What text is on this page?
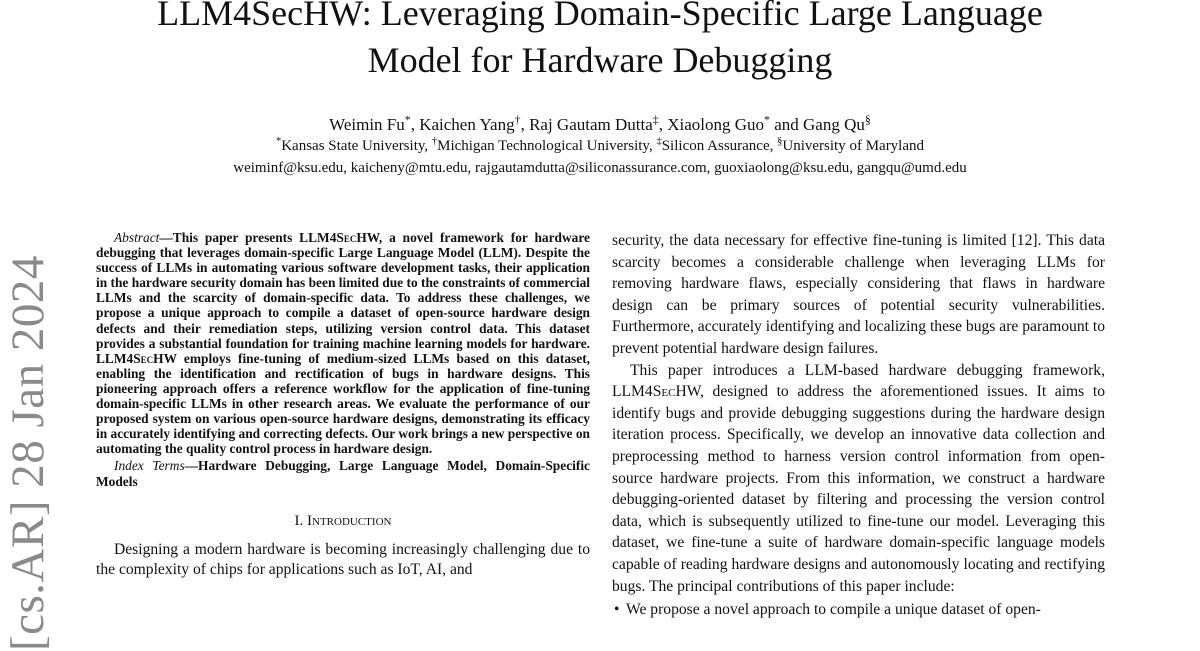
LLM4SecHW: Leveraging Domain-Specific Large Language
Model for Hardware Debugging
Weimin Fu*, Kaichen Yang†, Raj Gautam Dutta‡, Xiaolong Guo* and Gang Qu§
*Kansas State University, †Michigan Technological University, ‡Silicon Assurance, §University of Maryland
weiminf@ksu.edu, kaicheny@mtu.edu, rajgautamdutta@siliconassurance.com, guoxiaolong@ksu.edu, gangqu@umd.edu
[cs.AR] 28 Jan 2024

Abstract—This paper presents LLM4SecHW, a novel framework for hardware debugging that leverages domain-specific Large Language Model (LLM). Despite the success of LLMs in automating various software development tasks, their application in the hardware security domain has been limited due to the constraints of commercial LLMs and the scarcity of domain-specific data. To address these challenges, we propose a unique approach to compile a dataset of open-source hardware design defects and their remediation steps, utilizing version control data. This dataset provides a substantial foundation for training machine learning models for hardware. LLM4SecHW employs fine-tuning of medium-sized LLMs based on this dataset, enabling the identification and rectification of bugs in hardware designs. This pioneering approach offers a reference workflow for the application of fine-tuning domain-specific LLMs in other research areas. We evaluate the performance of our proposed system on various open-source hardware designs, demonstrating its efficacy in accurately identifying and correcting defects. Our work brings a new perspective on automating the quality control process in hardware design.

Index Terms—Hardware Debugging, Large Language Model, Domain-Specific Models

I. Introduction

Designing a modern hardware is becoming increasingly challenging due to the complexity of chips for applications such as IoT, AI, and

security, the data necessary for effective fine-tuning is limited [12]. This data scarcity becomes a considerable challenge when leveraging LLMs for removing hardware flaws, especially considering that flaws in hardware design can be primary sources of potential security vulnerabilities. Furthermore, accurately identifying and localizing these bugs are paramount to prevent potential hardware design failures.

This paper introduces a LLM-based hardware debugging framework, LLM4SecHW, designed to address the aforementioned issues. It aims to identify bugs and provide debugging suggestions during the hardware design iteration process. Specifically, we develop an innovative data collection and preprocessing method to harness version control information from open-source hardware projects. From this information, we construct a hardware debugging-oriented dataset by filtering and processing the version control data, which is subsequently utilized to fine-tune our model. Leveraging this dataset, we fine-tune a suite of hardware domain-specific language models capable of reading hardware designs and autonomously locating and rectifying bugs. The principal contributions of this paper include:

• We propose a novel approach to compile a unique dataset of open-
